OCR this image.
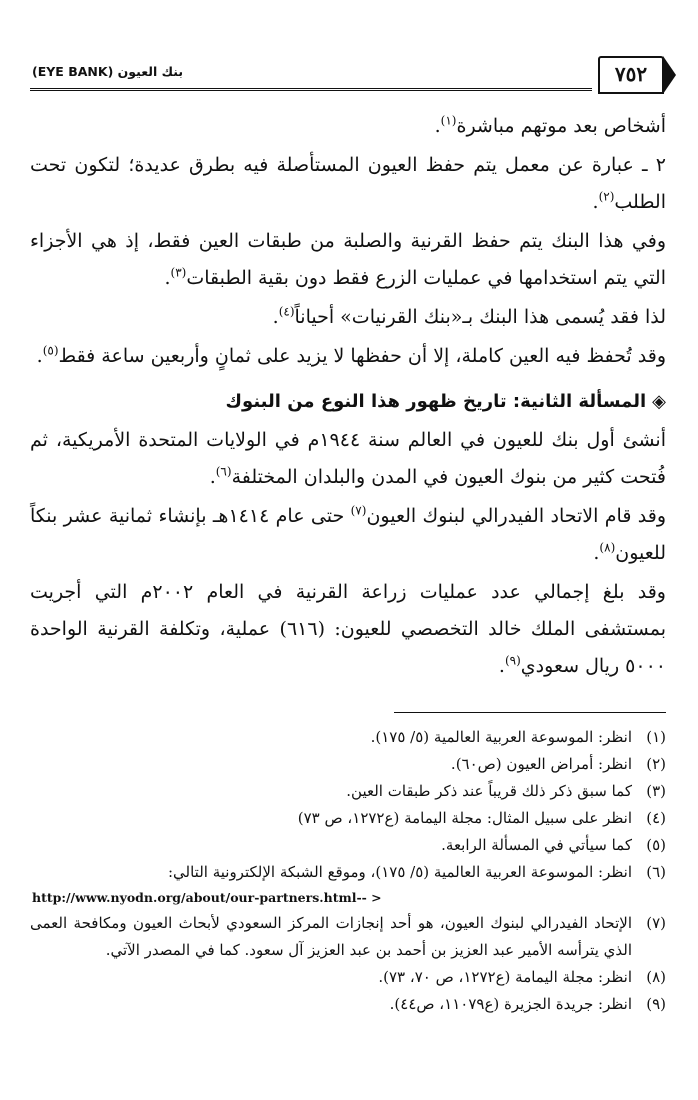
بنك العيون (EYE BANK)	٧٥٢

أشخاص بعد موتهم مباشرة$^{(١)}$.

٢ ـ عبارة عن معمل يتم حفظ العيون المستأصلة فيه بطرق عديدة؛ لتكون تحت الطلب$^{(٢)}$.

وفي هذا البنك يتم حفظ القرنية والصلبة من طبقات العين فقط، إذ هي الأجزاء التي يتم استخدامها في عمليات الزرع فقط دون بقية الطبقات$^{(٣)}$.

لذا فقد يُسمى هذا البنك بـ«بنك القرنيات» أحياناً$^{(٤)}$.

وقد تُحفظ فيه العين كاملة، إلا أن حفظها لا يزيد على ثمانٍ وأربعين ساعة فقط$^{(٥)}$.

◈المسألة الثانية: تاريخ ظهور هذا النوع من البنوك

أنشئ أول بنك للعيون في العالم سنة ١٩٤٤م في الولايات المتحدة الأمريكية، ثم فُتحت كثير من بنوك العيون في المدن والبلدان المختلفة$^{(٦)}$.

وقد قام الاتحاد الفيدرالي لبنوك العيون$^{(٧)}$ حتى عام ١٤١٤هـ بإنشاء ثمانية عشر بنكاً للعيون$^{(٨)}$.

وقد بلغ إجمالي عدد عمليات زراعة القرنية في العام ٢٠٠٢م التي أجريت بمستشفى الملك خالد التخصصي للعيون: (٦١٦) عملية، وتكلفة القرنية الواحدة ٥٠٠٠ ريال سعودي$^{(٩)}$.

(١)
انظر: الموسوعة العربية العالمية (٥/ ١٧٥).
(٢)
انظر: أمراض العيون (ص٦٠).
(٣)
كما سبق ذكر ذلك قريباً عند ذكر طبقات العين.
(٤)
انظر على سبيل المثال: مجلة اليمامة (ع١٢٧٢، ص ٧٣)
(٥)
كما سيأتي في المسألة الرابعة.
(٦)
انظر: الموسوعة العربية العالمية (٥/ ١٧٥)، وموقع الشبكة الإلكترونية التالي:
http://www.nyodn.org/about/our-partners.html-- >
(٧)
الإتحاد الفيدرالي لبنوك العيون، هو أحد إنجازات المركز السعودي لأبحاث العيون ومكافحة العمى الذي يترأسه الأمير عبد العزيز بن أحمد بن عبد العزيز آل سعود. كما في المصدر الآتي.
(٨)
انظر: مجلة اليمامة (ع١٢٧٢، ص ٧٠، ٧٣).
(٩)
انظر: جريدة الجزيرة (ع١١٠٧٩، ص٤٤).
